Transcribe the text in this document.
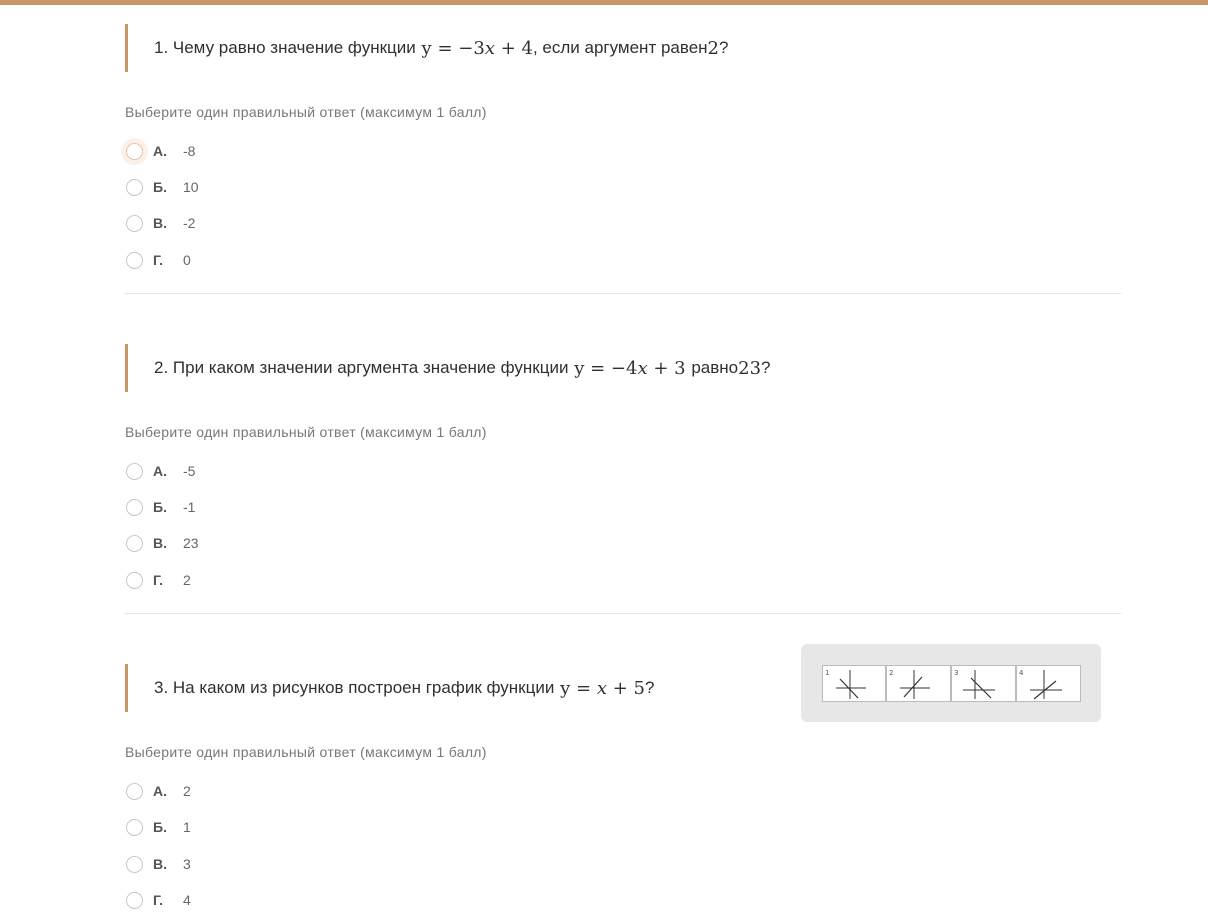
1. Чему равно значение функции y = −3x + 4 , если аргумент равен 2 ?
Выберите один правильный ответ (максимум 1 балл)
А.	-8
Б.	10
В.	-2
Г.	0
2. При каком значении аргумента значение функции y = −4x + 3 равно 23 ?
Выберите один правильный ответ (максимум 1 балл)
А.	-5
Б.	-1
В.	23
Г.	2
1	2	3	4
3. На каком из рисунков построен график функции y = x + 5 ?
Выберите один правильный ответ (максимум 1 балл)
А.	2
Б.	1
В.	3
Г.	4
